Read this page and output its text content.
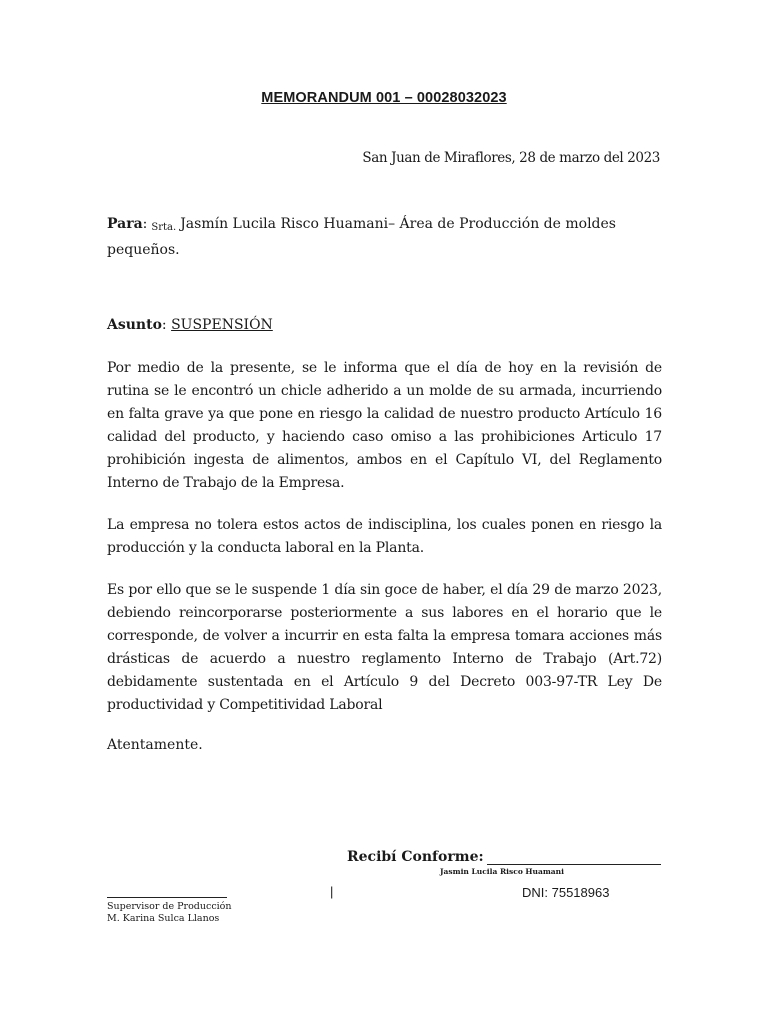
MEMORANDUM 001 – 00028032023
San Juan de Miraflores, 28 de marzo del 2023
Para: Srta. Jasmín Lucila Risco Huamani– Área de Producción de moldes pequeños.
Asunto: SUSPENSIÓN
Por medio de la presente, se le informa que el día de hoy en la revisión de rutina se le encontró un chicle adherido a un molde de su armada, incurriendo en falta grave ya que pone en riesgo la calidad de nuestro producto Artículo 16 calidad del producto, y haciendo caso omiso a las prohibiciones Articulo 17 prohibición ingesta de alimentos, ambos en el Capítulo VI, del Reglamento Interno de Trabajo de la Empresa.
La empresa no tolera estos actos de indisciplina, los cuales ponen en riesgo la producción y la conducta laboral en la Planta.
Es por ello que se le suspende 1 día sin goce de haber, el día 29 de marzo 2023, debiendo reincorporarse posteriormente a sus labores en el horario que le corresponde, de volver a incurrir en esta falta la empresa tomara acciones más drásticas de acuerdo a nuestro reglamento Interno de Trabajo (Art.72) debidamente sustentada en el Artículo 9 del Decreto 003-97-TR Ley De productividad y Competitividad Laboral
Atentamente.
Recibí Conforme:
Jasmin Lucila Risco Huamani
|	DNI: 75518963
Supervisor de Producción
M. Karina Sulca Llanos
